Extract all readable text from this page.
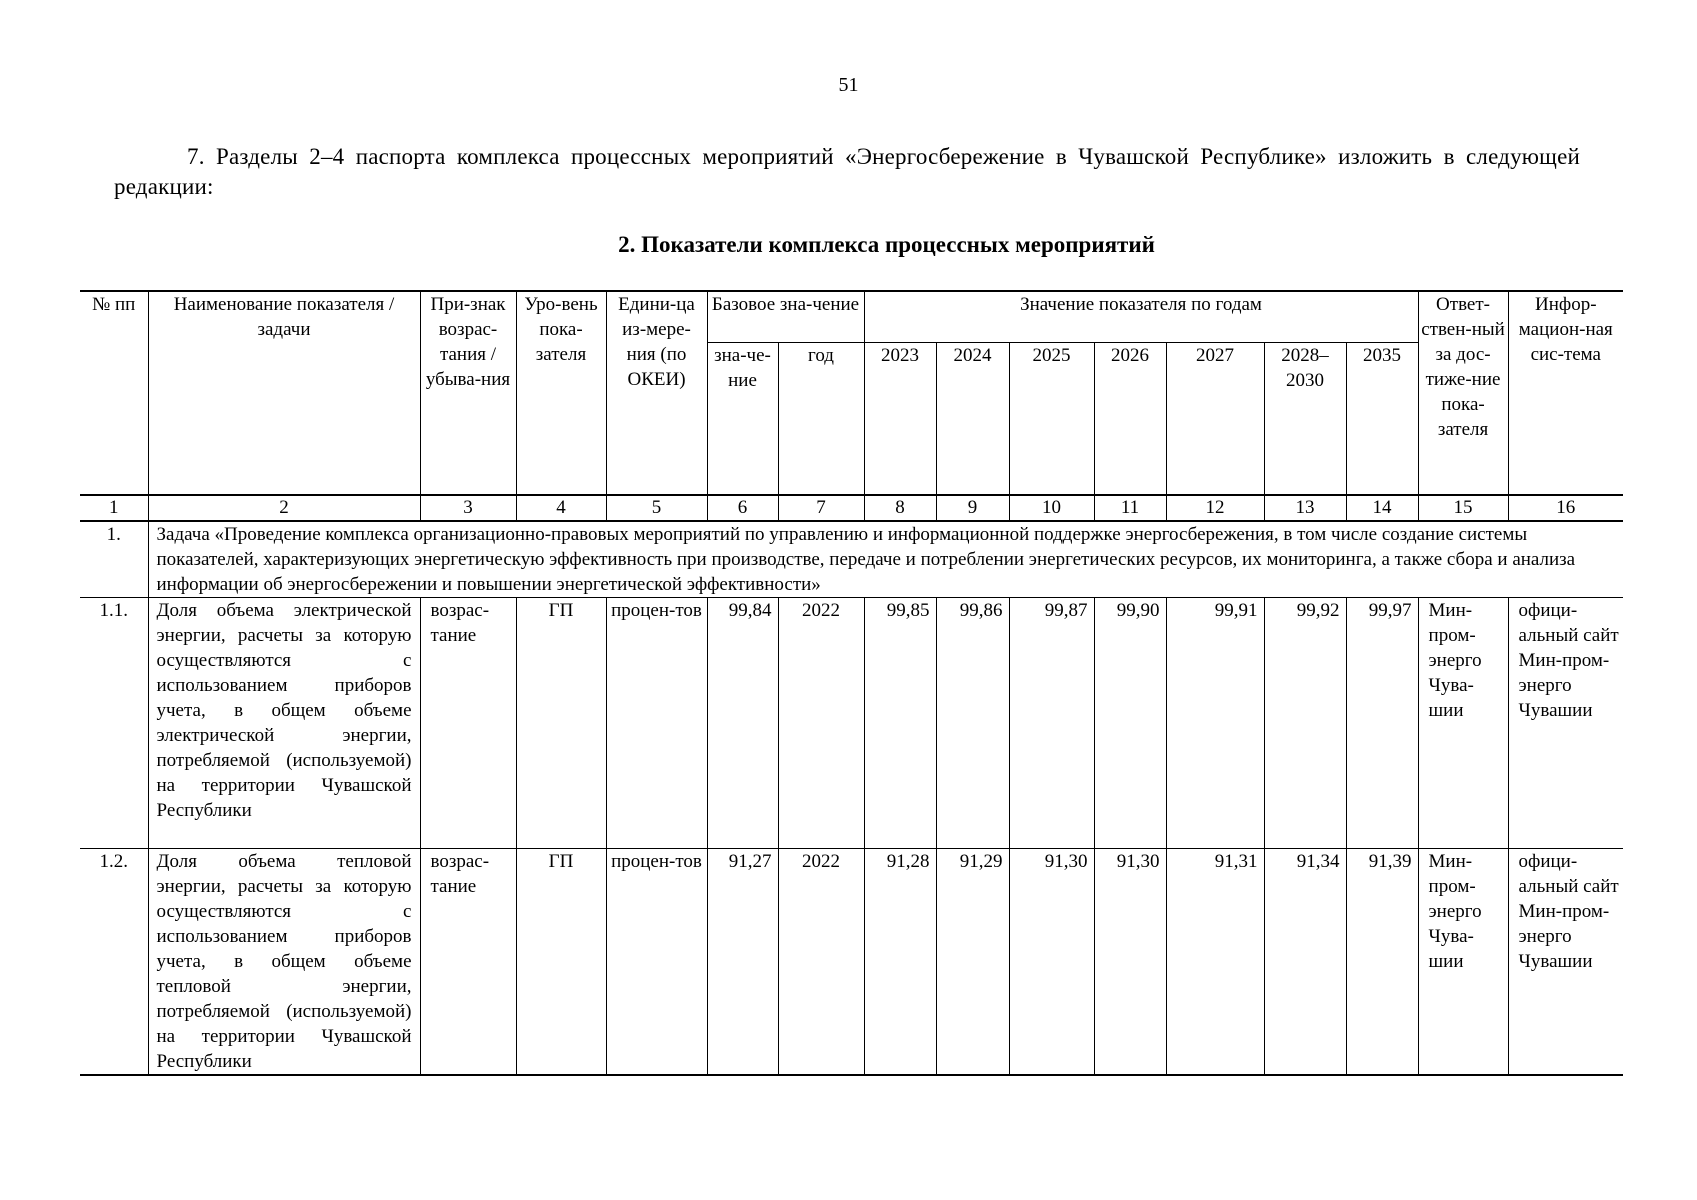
51
7. Разделы 2–4 паспорта комплекса процессных мероприятий «Энергосбережение в Чувашской Республике» изложить в следующей редакции:
2. Показатели комплекса процессных мероприятий
№ пп	Наименование показателя / задачи	При-знак возрас-тания / убыва-ния	Уро-вень пока-зателя	Едини-ца из-мере-ния (по ОКЕИ)	Базовое зна-чение		Значение показателя по годам							Ответ-ствен-ный за дос-тиже-ние пока-зателя	Инфор-мацион-ная сис-тема
					зна-че-ние	год	2023	2024	2025	2026	2027	2028–2030	2035		
1	2	3	4	5	6	7	8	9	10	11	12	13	14	15	16
1.	Задача «Проведение комплекса организационно-правовых мероприятий по управлению и информационной поддержке энергосбережения, в том числе создание системы показателей, характеризующих энергетическую эффективность при производстве, передаче и потреблении энергетических ресурсов, их мониторинга, а также сбора и анализа информации об энергосбережении и повышении энергетической эффективности»														
1.1.	Доля объема электрической энергии, расчеты за которую осуществляются с использованием приборов учета, в общем объеме электрической энергии, потребляемой (используемой) на территории Чувашской Республики	возрас-тание	ГП	процен-тов	99,84	2022	99,85	99,86	99,87	99,90	99,91	99,92	99,97	Мин-пром-энерго Чува-шии	офици-альный сайт Мин-пром-энерго Чувашии
1.2.	Доля объема тепловой энергии, расчеты за которую осуществляются с использованием приборов учета, в общем объеме тепловой энергии, потребляемой (используемой) на территории Чувашской Республики	возрас-тание	ГП	процен-тов	91,27	2022	91,28	91,29	91,30	91,30	91,31	91,34	91,39	Мин-пром-энерго Чува-шии	офици-альный сайт Мин-пром-энерго Чувашии
